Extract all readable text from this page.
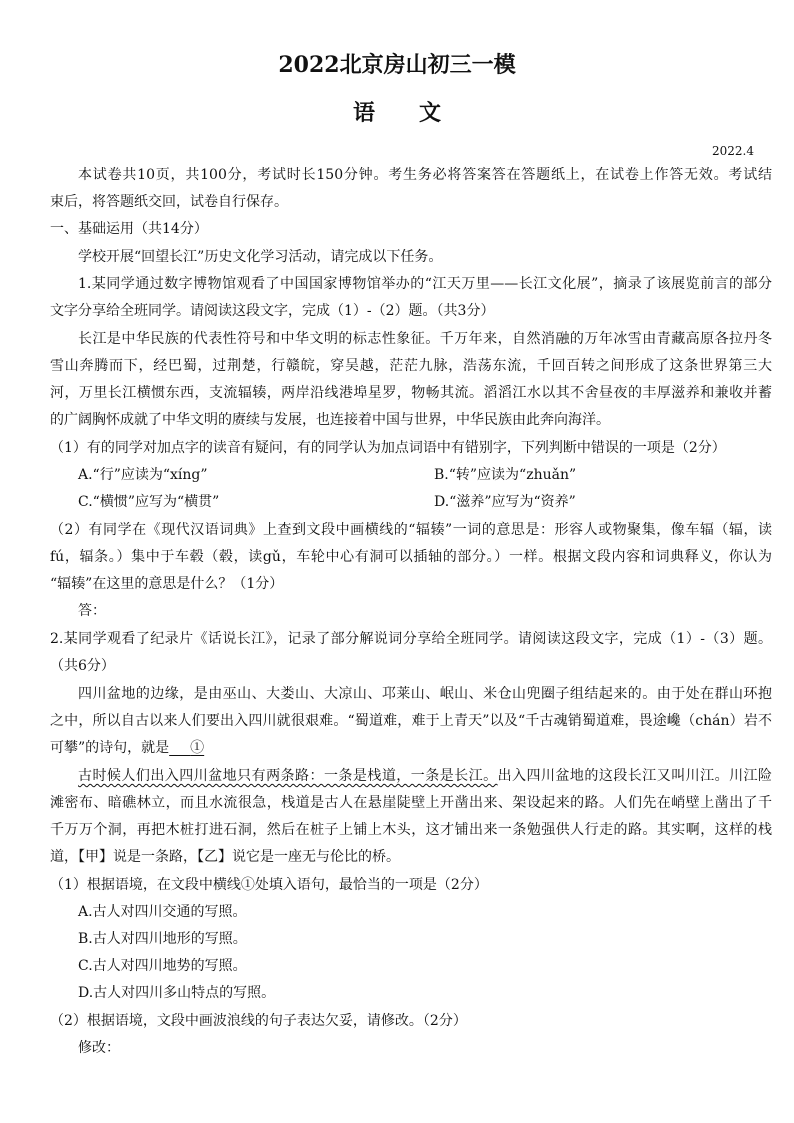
2022北京房山初三一模
语　　文
2022.4
本试卷共10页，共100分，考试时长150分钟。考生务必将答案答在答题纸上，在试卷上作答无效。考试结
束后，将答题纸交回，试卷自行保存。
一、基础运用（共14分）
学校开展“回望长江”历史文化学习活动，请完成以下任务。
1.某同学通过数字博物馆观看了中国国家博物馆举办的“江天万里——长江文化展”，摘录了该展览前言的部分
文字分享给全班同学。请阅读这段文字，完成（1）-（2）题。（共3分）
长江是中华民族的代表性符号和中华文明的标志性象征。千万年来，自然消融的万年冰雪由青藏高原各拉丹冬
雪山奔腾而下，经巴蜀，过荆楚，行赣皖，穿吴越，茫茫九脉，浩荡东流，千回百转之间形成了这条世界第三大
河，万里长江横惯东西，支流辐辏，两岸沿线港埠星罗，物畅其流。滔滔江水以其不舍昼夜的丰厚滋养和兼收并蓄
的广阔胸怀成就了中华文明的赓续与发展，也连接着中国与世界，中华民族由此奔向海洋。
（1）有的同学对加点字的读音有疑问，有的同学认为加点词语中有错别字，下列判断中错误的一项是（2分）
A.“行”应读为“xíng”	B.“转”应读为“zhuǎn”
C.“横惯”应写为“横贯”	D.“滋养”应写为“资养”
（2）有同学在《现代汉语词典》上查到文段中画横线的“辐辏”一词的意思是：形容人或物聚集，像车辐（辐，读
fú，辐条。）集中于车毂（毂，读gǔ，车轮中心有洞可以插轴的部分。）一样。根据文段内容和词典释义，你认为
“辐辏”在这里的意思是什么？（1分）
答：
2.某同学观看了纪录片《话说长江》，记录了部分解说词分享给全班同学。请阅读这段文字，完成（1）-（3）题。
（共6分）
四川盆地的边缘，是由巫山、大娄山、大凉山、邛莱山、岷山、米仓山兜圈子组结起来的。由于处在群山环抱
之中，所以自古以来人们要出入四川就很艰难。“蜀道难，难于上青天”以及“千古魂销蜀道难，畏途巉（chán）岩不
可攀”的诗句，就是   ①
古时候人们出入四川盆地只有两条路：一条是栈道，一条是长江。出入四川盆地的这段长江又叫川江。川江险
滩密布、暗礁林立，而且水流很急，栈道是古人在悬崖陡壁上开凿出来、架设起来的路。人们先在峭壁上凿出了千
千万万个洞，再把木桩打进石洞，然后在桩子上铺上木头，这才铺出来一条勉强供人行走的路。其实啊，这样的栈
道，【甲】说是一条路，【乙】说它是一座无与伦比的桥。
（1）根据语境，在文段中横线①处填入语句，最恰当的一项是（2分）
A.古人对四川交通的写照。
B.古人对四川地形的写照。
C.古人对四川地势的写照。
D.古人对四川多山特点的写照。
（2）根据语境，文段中画波浪线的句子表达欠妥，请修改。（2分）
修改：
